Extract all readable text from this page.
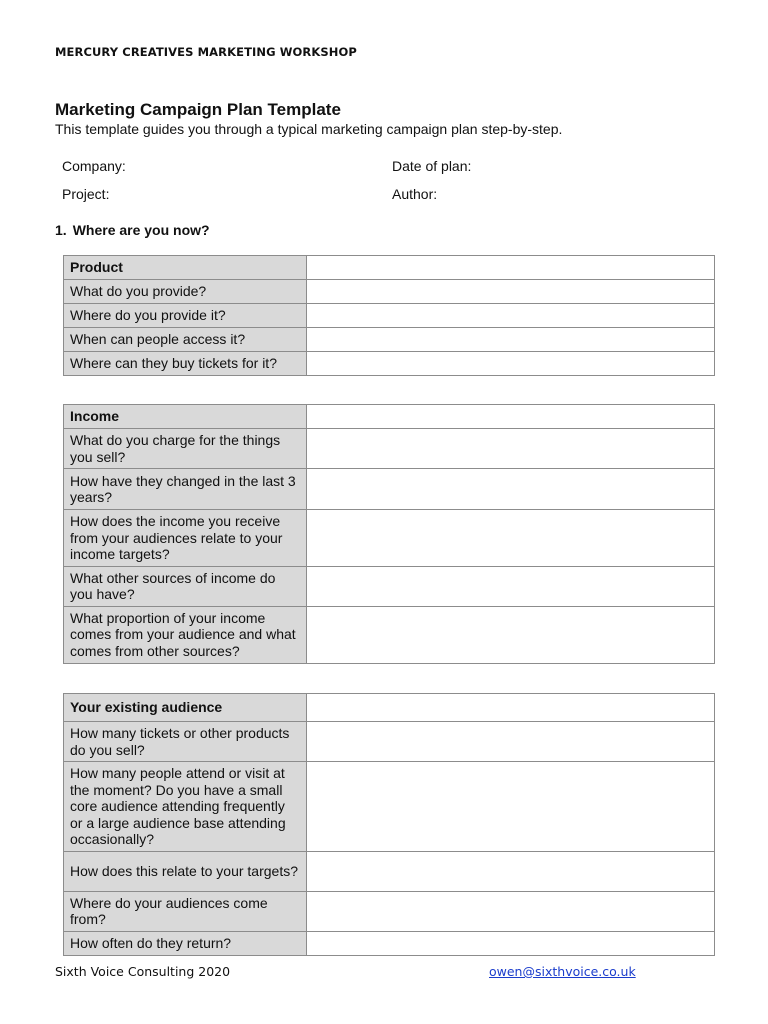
MERCURY CREATIVES MARKETING WORKSHOP
Marketing Campaign Plan Template
This template guides you through a typical marketing campaign plan step-by-step.
Company:	Date of plan:
Project:	Author:
1. Where are you now?
Product	
What do you provide?	
Where do you provide it?	
When can people access it?	
Where can they buy tickets for it?	
Income	
What do you charge for the things you sell?	
How have they changed in the last 3 years?	
How does the income you receive from your audiences relate to your income targets?	
What other sources of income do you have?	
What proportion of your income comes from your audience and what comes from other sources?	
Your existing audience	
How many tickets or other products do you sell?	
How many people attend or visit at the moment? Do you have a small core audience attending frequently or a large audience base attending occasionally?	
How does this relate to your targets?	
Where do your audiences come from?	
How often do they return?	
Sixth Voice Consulting 2020	owen@sixthvoice.co.uk
